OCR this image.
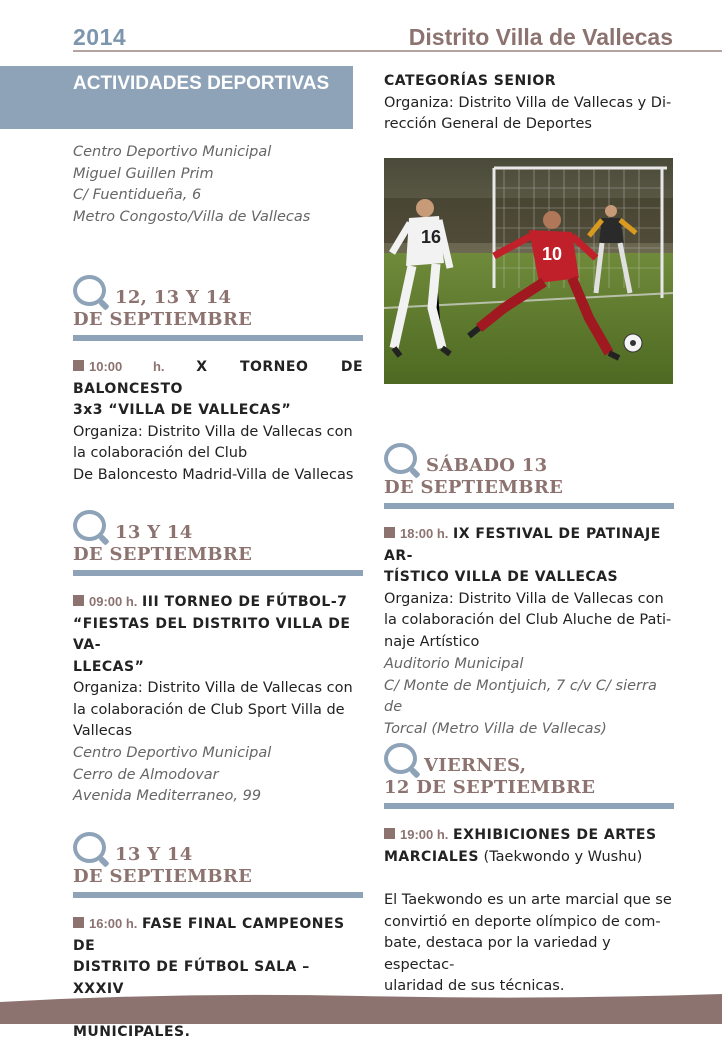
2014	Distrito Villa de Vallecas
ACTIVIDADES DEPORTIVAS
Centro Deportivo Municipal
Miguel Guillen Prim
C/ Fuentidueña, 6
Metro Congosto/Villa de Vallecas
12, 13 Y 14
DE SEPTIEMBRE
10:00 h. X TORNEO DE BALONCESTO
3x3 “VILLA DE VALLECAS”
Organiza: Distrito Villa de Vallecas con
la colaboración del Club
De Baloncesto Madrid-Villa de Vallecas
13 Y 14
DE SEPTIEMBRE
09:00 h. III TORNEO DE FÚTBOL-7
“FIESTAS DEL DISTRITO VILLA DE VA-
LLECAS”
Organiza: Distrito Villa de Vallecas con
la colaboración de Club Sport Villa de
Vallecas
Centro Deportivo Municipal
Cerro de Almodovar
Avenida Mediterraneo, 99
13 Y 14
DE SEPTIEMBRE
16:00 h. FASE FINAL CAMPEONES DE
DISTRITO DE FÚTBOL SALA – XXXIV
MUNICIPALES.
CATEGORÍAS SENIOR
Organiza: Distrito Villa de Vallecas y Di-
rección General de Deportes
16
10
SÁBADO 13
DE SEPTIEMBRE
18:00 h. IX FESTIVAL DE PATINAJE AR-
TÍSTICO VILLA DE VALLECAS
Organiza: Distrito Villa de Vallecas con
la colaboración del Club Aluche de Pati-
naje Artístico
Auditorio Municipal
C/ Monte de Montjuich, 7 c/v C/ sierra de
Torcal (Metro Villa de Vallecas)
VIERNES,
12 DE SEPTIEMBRE
19:00 h. EXHIBICIONES DE ARTES
MARCIALES (Taekwondo y Wushu)
El Taekwondo es un arte marcial que se
convirtió en deporte olímpico de com-
bate, destaca por la variedad y espectac-
ularidad de sus técnicas.
